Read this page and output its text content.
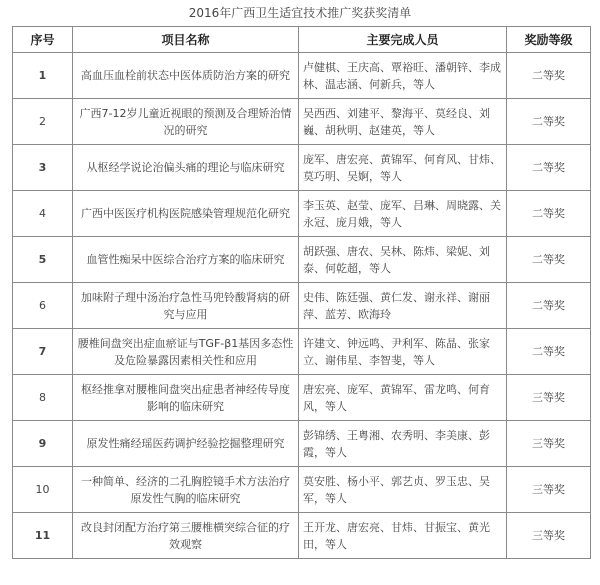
2016年广西卫生适宜技术推广奖获奖清单
序号	项目名称	主要完成人员	奖励等级
1	高血压血栓前状态中医体质防治方案的研究	卢健棋、王庆高、覃裕旺、潘朝锌、李成林、温志涵、何新兵，等人	二等奖
2	广西7-12岁儿童近视眼的预测及合理矫治情况的研究	吴西西、刘建平、黎海平、莫经良、刘巍、胡秋明、赵建英，等人	二等奖
3	从枢经学说论治偏头痛的理论与临床研究	庞军、唐宏亮、黄锦军、何育风、甘炜、莫巧明、吴婀，等人	二等奖
4	广西中医医疗机构医院感染管理规范化研究	李玉英、赵莹、庞军、吕琳、周晓露、关永冠、庞月娥，等人	二等奖
5	血管性痴呆中医综合治疗方案的临床研究	胡跃强、唐农、吴林、陈炜、梁妮、刘泰、何乾超，等人	二等奖
6	加味附子理中汤治疗急性马兜铃酸肾病的研究与应用	史伟、陈廷强、黄仁发、谢永祥、谢丽萍、蓝芳、欧海玲	二等奖
7	腰椎间盘突出症血瘀证与TGF-β1基因多态性及危险暴露因素相关性和应用	许建文、钟远鸣、尹利军、陈晶、张家立、谢伟星、李智斐，等人	二等奖
8	枢经推拿对腰椎间盘突出症患者神经传导度影响的临床研究	唐宏亮、庞军、黄锦军、雷龙鸣、何育风，等人	三等奖
9	原发性痛经瑶医药调护经验挖掘整理研究	彭锦绣、王粤湘、农秀明、李美康、彭霞，等人	三等奖
10	一种简单、经济的二孔胸腔镜手术方法治疗原发性气胸的临床研究	莫安胜、杨小平、郭艺贞、罗玉忠、吴军，等人	三等奖
11	改良封闭配方治疗第三腰椎横突综合征的疗效观察	王开龙、唐宏亮、甘炜、甘振宝、黄光田，等人	三等奖
